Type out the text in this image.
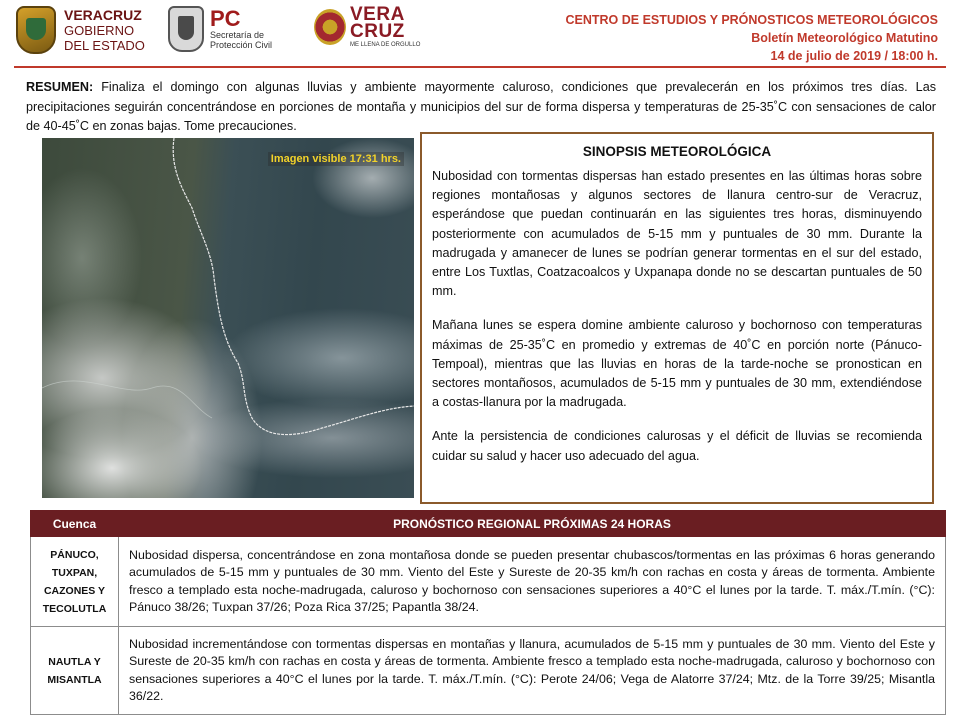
VERACRUZ
GOBIERNO
DEL ESTADO
PC
Secretaría de
Protección Civil
VERA
CRUZ
ME LLENA DE ORGULLO
CENTRO DE ESTUDIOS Y PRÓNOSTICOS METEOROLÓGICOS
Boletín Meteorológico Matutino
14 de julio de 2019 / 18:00 h.
RESUMEN: Finaliza el domingo con algunas lluvias y ambiente mayormente caluroso, condiciones que prevalecerán en los próximos tres días. Las precipitaciones seguirán concentrándose en porciones de montaña y municipios del sur de forma dispersa y temperaturas de 25-35˚C con sensaciones de calor de 40-45˚C en zonas bajas. Tome precauciones.
Imagen visible 17:31 hrs.	SINOPSIS METEOROLÓGICA

Nubosidad con tormentas dispersas han estado presentes en las últimas horas sobre regiones montañosas y algunos sectores de llanura centro-sur de Veracruz, esperándose que puedan continuarán en las siguientes tres horas, disminuyendo posteriormente con acumulados de 5-15 mm y puntuales de 30 mm. Durante la madrugada y amanecer de lunes se podrían generar tormentas en el sur del estado, entre Los Tuxtlas, Coatzacoalcos y Uxpanapa donde no se descartan puntuales de 50 mm.

Mañana lunes se espera domine ambiente caluroso y bochornoso con temperaturas máximas de 25-35˚C en promedio y extremas de 40˚C en porción norte (Pánuco-Tempoal), mientras que las lluvias en horas de la tarde-noche se pronostican en sectores montañosos, acumulados de 5-15 mm y puntuales de 30 mm, extendiéndose a costas-llanura por la madrugada.

Ante la persistencia de condiciones calurosas y el déficit de lluvias se recomienda cuidar su salud y hacer uso adecuado del agua.

Cuenca	PRONÓSTICO REGIONAL PRÓXIMAS 24 HORAS
PÁNUCO, TUXPAN, CAZONES Y TECOLUTLA	Nubosidad dispersa, concentrándose en zona montañosa donde se pueden presentar chubascos/tormentas en las próximas 6 horas generando acumulados de 5-15 mm y puntuales de 30 mm. Viento del Este y Sureste de 20-35 km/h con rachas en costa y áreas de tormenta. Ambiente fresco a templado esta noche-madrugada, caluroso y bochornoso con sensaciones superiores a 40°C el lunes por la tarde. T. máx./T.mín. (°C): Pánuco 38/26; Tuxpan 37/26; Poza Rica 37/25; Papantla 38/24.
NAUTLA Y MISANTLA	Nubosidad incrementándose con tormentas dispersas en montañas y llanura, acumulados de 5-15 mm y puntuales de 30 mm. Viento del Este y Sureste de 20-35 km/h con rachas en costa y áreas de tormenta. Ambiente fresco a templado esta noche-madrugada, caluroso y bochornoso con sensaciones superiores a 40°C el lunes por la tarde. T. máx./T.mín. (°C): Perote 24/06; Vega de Alatorre 37/24; Mtz. de la Torre 39/25; Misantla 36/22.
